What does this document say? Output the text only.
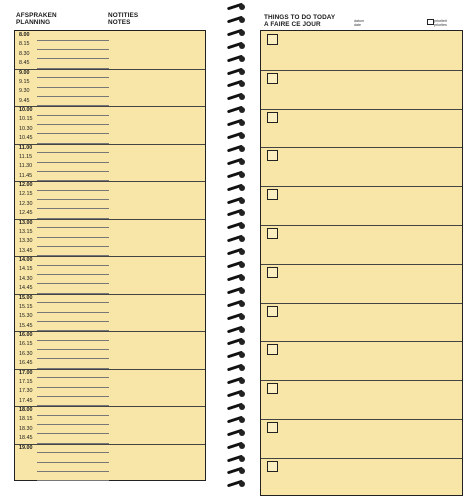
AFSPRAKEN
PLANNING
NOTITIES
NOTES
8.00
8.15
8.30
8.45
9.00
9.15
9.30
9.45
10.00
10.15
10.30
10.45
11.00
11.15
11.30
11.45
12.00
12.15
12.30
12.45
13.00
13.15
13.30
13.45
14.00
14.15
14.30
14.45
15.00
15.15
15.30
15.45
16.00
16.15
16.30
16.45
17.00
17.15
17.30
17.45
18.00
18.15
18.30
18.45
19.00
THINGS TO DO TODAY
A FAIRE CE JOUR	datum
date
prioriteit
priorites
